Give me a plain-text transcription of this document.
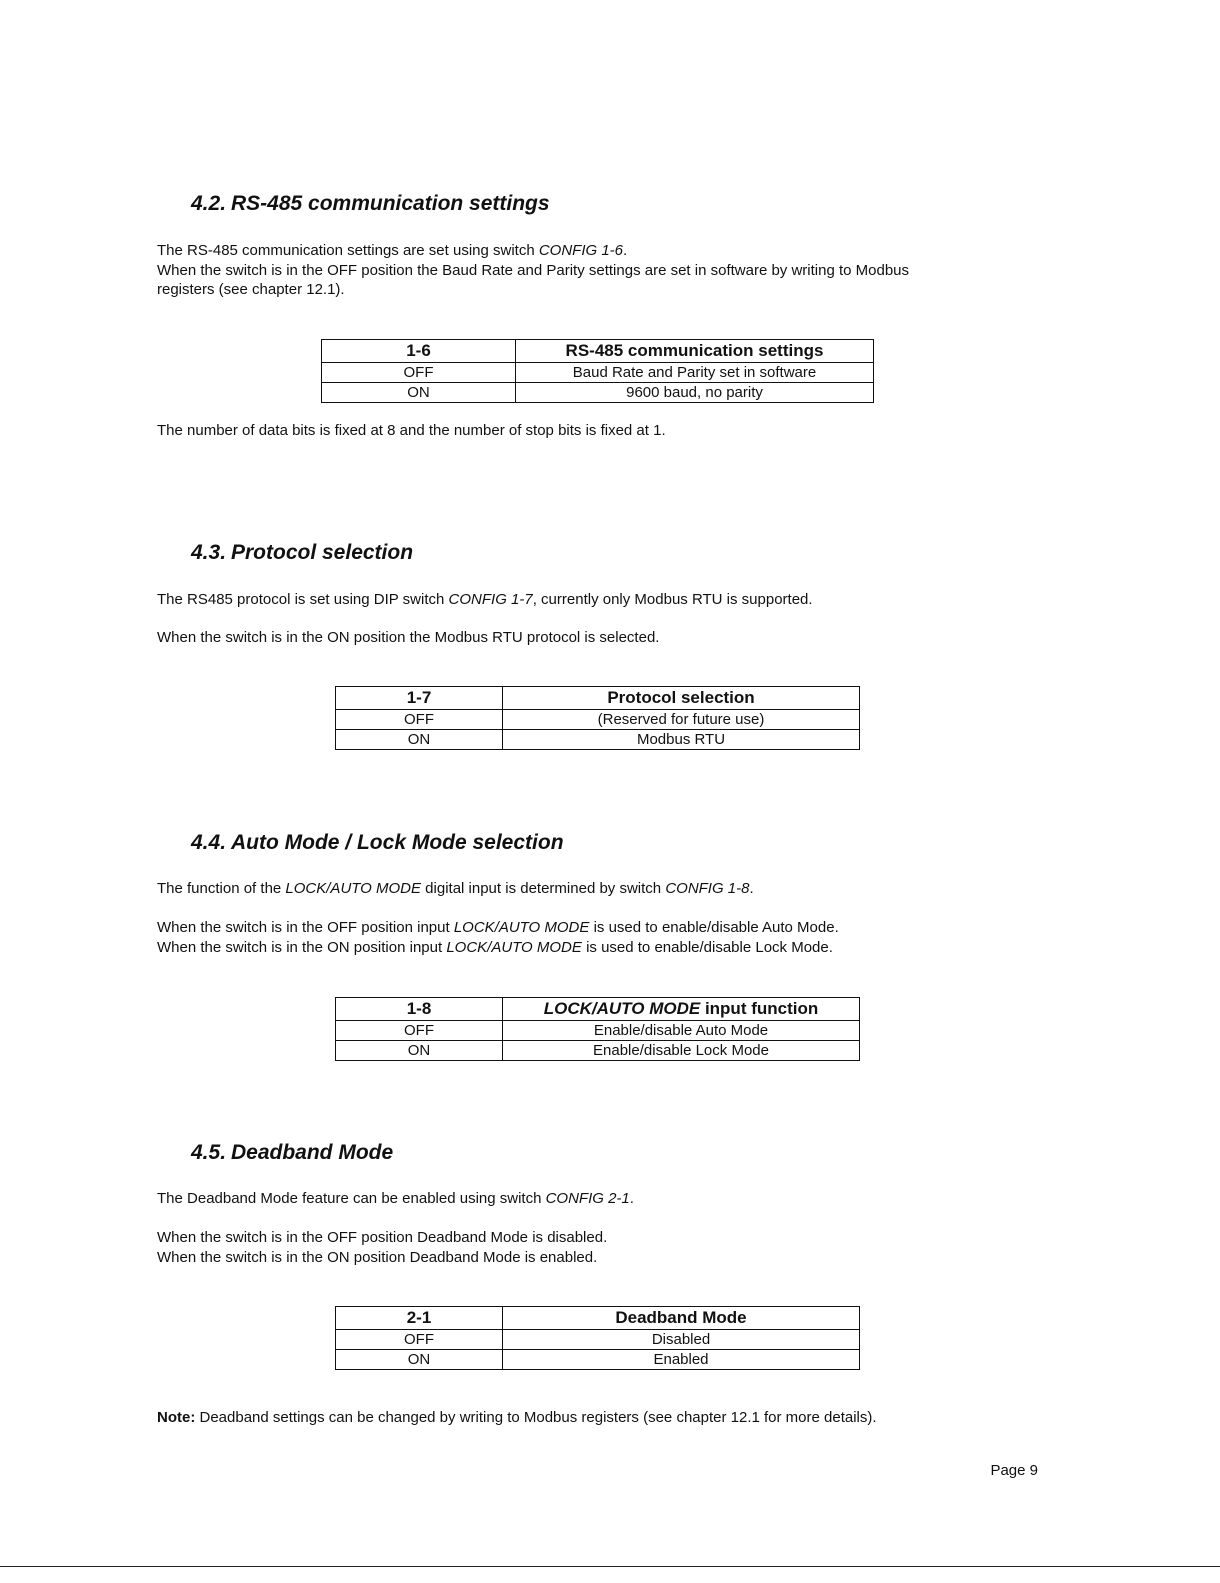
4.2. RS-485 communication settings
The RS-485 communication settings are set using switch CONFIG 1-6.
When the switch is in the OFF position the Baud Rate and Parity settings are set in software by writing to Modbus
registers (see chapter 12.1).
1-6	RS-485 communication settings
OFF	Baud Rate and Parity set in software
ON	9600 baud, no parity
The number of data bits is fixed at 8 and the number of stop bits is fixed at 1.
4.3. Protocol selection
The RS485 protocol is set using DIP switch CONFIG 1-7, currently only Modbus RTU is supported.
When the switch is in the ON position the Modbus RTU protocol is selected.
1-7	Protocol selection
OFF	(Reserved for future use)
ON	Modbus RTU
4.4. Auto Mode / Lock Mode selection
The function of the LOCK/AUTO MODE digital input is determined by switch CONFIG 1-8.
When the switch is in the OFF position input LOCK/AUTO MODE is used to enable/disable Auto Mode.
When the switch is in the ON position input LOCK/AUTO MODE is used to enable/disable Lock Mode.
1-8	LOCK/AUTO MODE input function
OFF	Enable/disable Auto Mode
ON	Enable/disable Lock Mode
4.5. Deadband Mode
The Deadband Mode feature can be enabled using switch CONFIG 2-1.
When the switch is in the OFF position Deadband Mode is disabled.
When the switch is in the ON position Deadband Mode is enabled.
2-1	Deadband Mode
OFF	Disabled
ON	Enabled
Note: Deadband settings can be changed by writing to Modbus registers (see chapter 12.1 for more details).
Page 9
